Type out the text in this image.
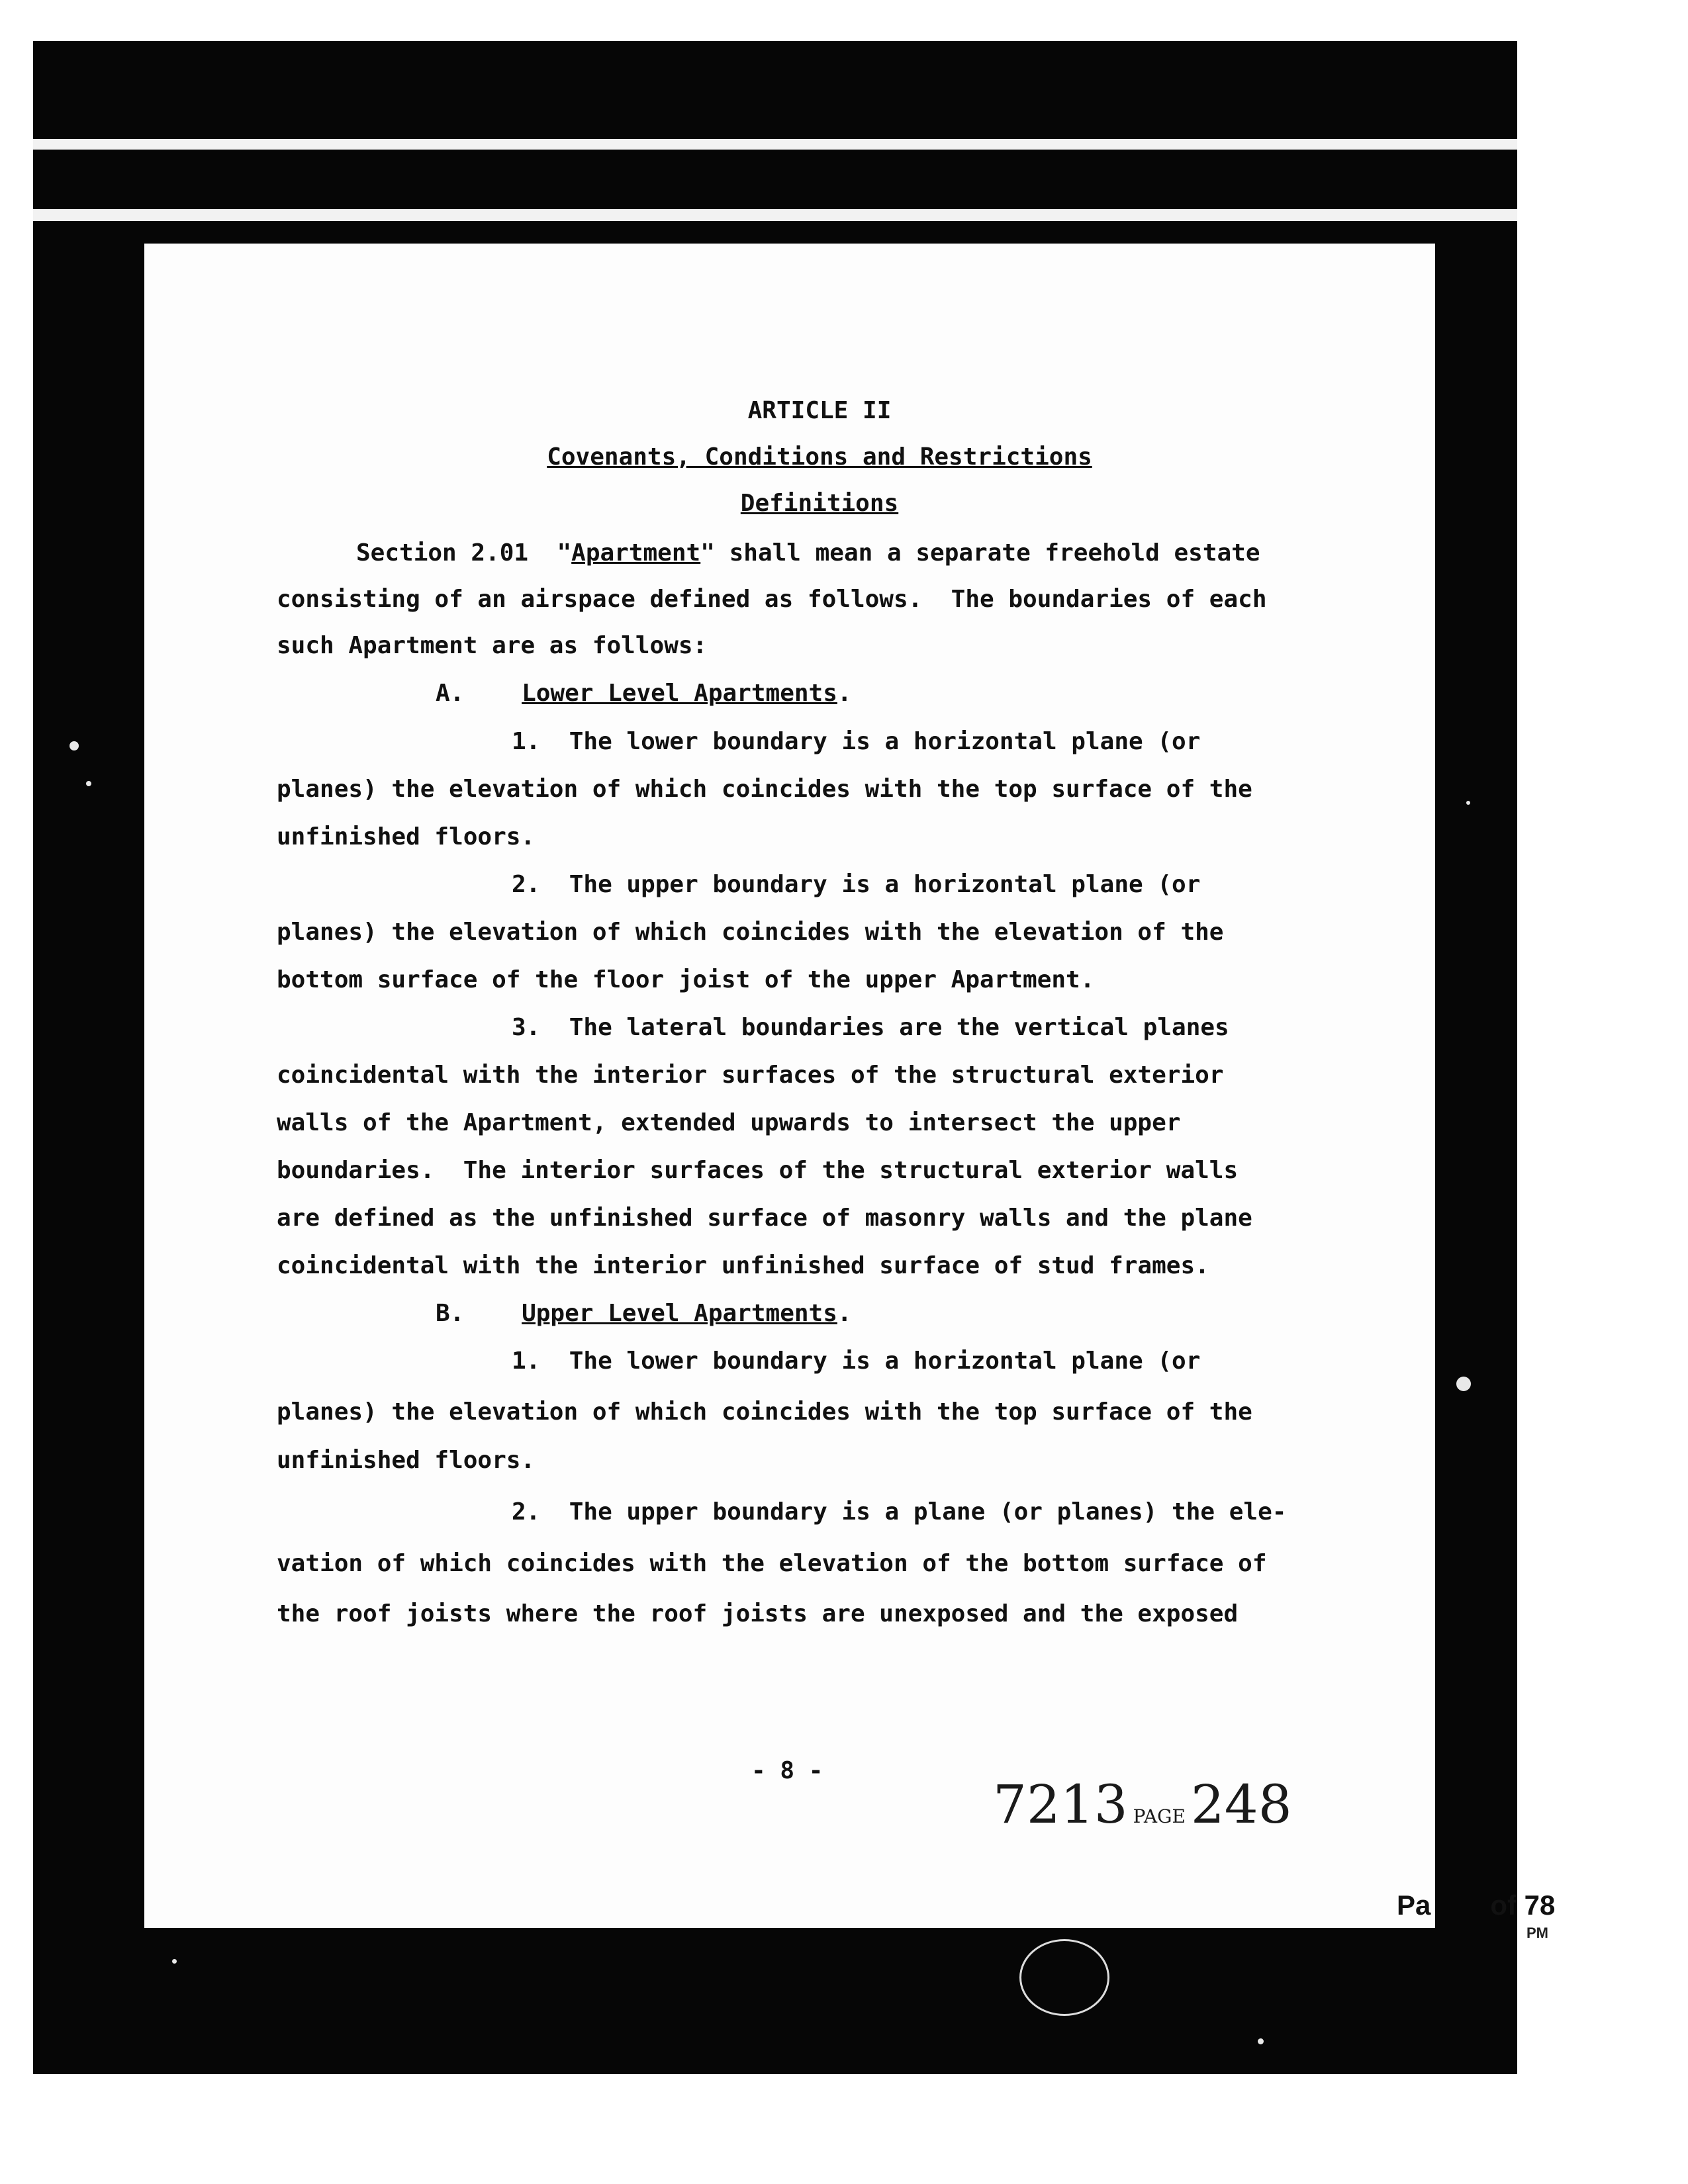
ARTICLE II
Covenants, Conditions and Restrictions
Definitions
Section 2.01 "Apartment" shall mean a separate freehold estate
consisting of an airspace defined as follows.  The boundaries of each
such Apartment are as follows:
A. Lower Level Apartments.
1. The lower boundary is a horizontal plane (or
planes) the elevation of which coincides with the top surface of the
unfinished floors.
2. The upper boundary is a horizontal plane (or
planes) the elevation of which coincides with the elevation of the
bottom surface of the floor joist of the upper Apartment.
3. The lateral boundaries are the vertical planes
coincidental with the interior surfaces of the structural exterior
walls of the Apartment, extended upwards to intersect the upper
boundaries.  The interior surfaces of the structural exterior walls
are defined as the unfinished surface of masonry walls and the plane
coincidental with the interior unfinished surface of stud frames.
B. Upper Level Apartments.
1. The lower boundary is a horizontal plane (or
planes) the elevation of which coincides with the top surface of the
unfinished floors.
2. The upper boundary is a plane (or planes) the ele-
vation of which coincides with the elevation of the bottom surface of
the roof joists where the roof joists are unexposed and the exposed
- 8 -
7213 PAGE 248
Pa of 78
PM
